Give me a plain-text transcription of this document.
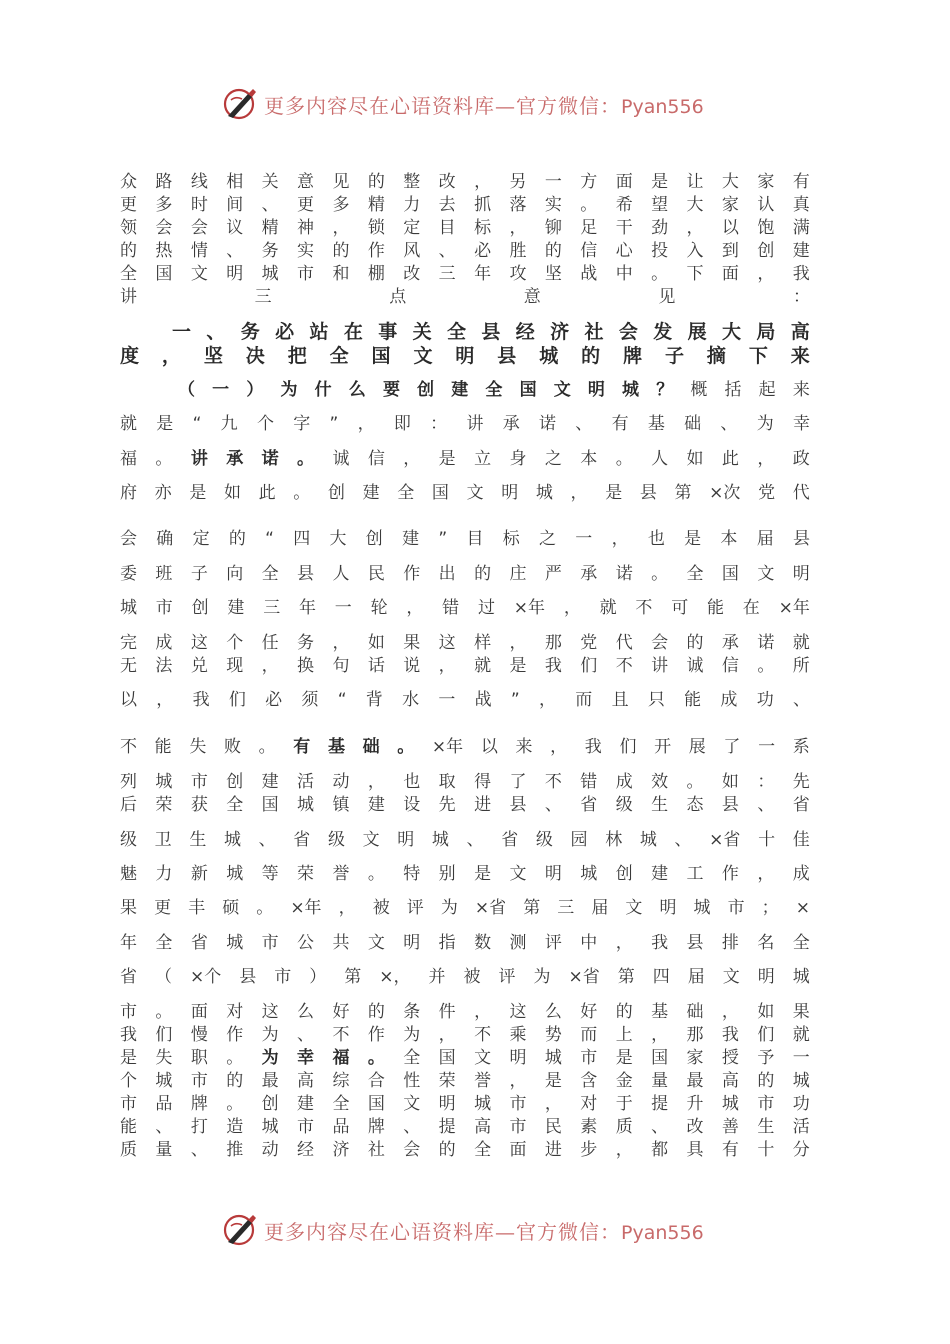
更多内容尽在心语资料库—官方微信：Pyan556
众 路 线 相 关 意 见 的 整 改 ， 另 一 方 面 是 让 大 家 有
更 多 时 间 、 更 多 精 力 去 抓 落 实 。 希 望 大 家 认 真
领 会 会 议 精 神 ， 锁 定 目 标 ， 铆 足 干 劲 ， 以 饱 满
的 热 情 、 务 实 的 作 风 、 必 胜 的 信 心 投 入 到 创 建
全 国 文 明 城 市 和 棚 改 三 年 攻 坚 战 中 。 下 面 ， 我
讲	三	点	意	见	：
一 、 务 必 站 在 事 关 全 县 经 济 社 会 发 展 大 局 高
度 ， 坚 决 把 全 国 文 明 县 城 的 牌 子 摘 下 来
（ 一 ） 为 什 么 要 创 建 全 国 文 明 城 ？ 概 括 起 来
就 是 “ 九 个 字 ” ， 即 ： 讲 承 诺 、 有 基 础 、 为 幸
福 。 讲 承 诺 。 诚 信 ， 是 立 身 之 本 。 人 如 此 ， 政
府 亦 是 如 此 。 创 建 全 国 文 明 城 ， 是 县 第 ×次 党 代
会 确 定 的 “ 四 大 创 建 ” 目 标 之 一 ， 也 是 本 届 县
委 班 子 向 全 县 人 民 作 出 的 庄 严 承 诺 。 全 国 文 明
城 市 创 建 三 年 一 轮 ， 错 过 ×年 ， 就 不 可 能 在 ×年
完 成 这 个 任 务 ， 如 果 这 样 ， 那 党 代 会 的 承 诺 就
无 法 兑 现 ， 换 句 话 说 ， 就 是 我 们 不 讲 诚 信 。 所
以 ， 我 们 必 须 “ 背 水 一 战 ” ， 而 且 只 能 成 功 、
不 能 失 败 。 有 基 础 。 ×年 以 来 ， 我 们 开 展 了 一 系
列 城 市 创 建 活 动 ， 也 取 得 了 不 错 成 效 。 如 ： 先
后 荣 获 全 国 城 镇 建 设 先 进 县 、 省 级 生 态 县 、 省
级 卫 生 城 、 省 级 文 明 城 、 省 级 园 林 城 、 ×省 十 佳
魅 力 新 城 等 荣 誉 。 特 别 是 文 明 城 创 建 工 作 ， 成
果 更 丰 硕 。 ×年 ， 被 评 为 ×省 第 三 届 文 明 城 市 ； ×
年 全 省 城 市 公 共 文 明 指 数 测 评 中 ， 我 县 排 名 全
省 （ ×个 县 市 ） 第 ×， 并 被 评 为 ×省 第 四 届 文 明 城
市 。 面 对 这 么 好 的 条 件 ， 这 么 好 的 基 础 ， 如 果
我 们 慢 作 为 、 不 作 为 ， 不 乘 势 而 上 ， 那 我 们 就
是 失 职 。 为 幸 福 。 全 国 文 明 城 市 是 国 家 授 予 一
个 城 市 的 最 高 综 合 性 荣 誉 ， 是 含 金 量 最 高 的 城
市 品 牌 。 创 建 全 国 文 明 城 市 ， 对 于 提 升 城 市 功
能 、 打 造 城 市 品 牌 、 提 高 市 民 素 质 、 改 善 生 活
质 量 、 推 动 经 济 社 会 的 全 面 进 步 ， 都 具 有 十 分
更多内容尽在心语资料库—官方微信：Pyan556
